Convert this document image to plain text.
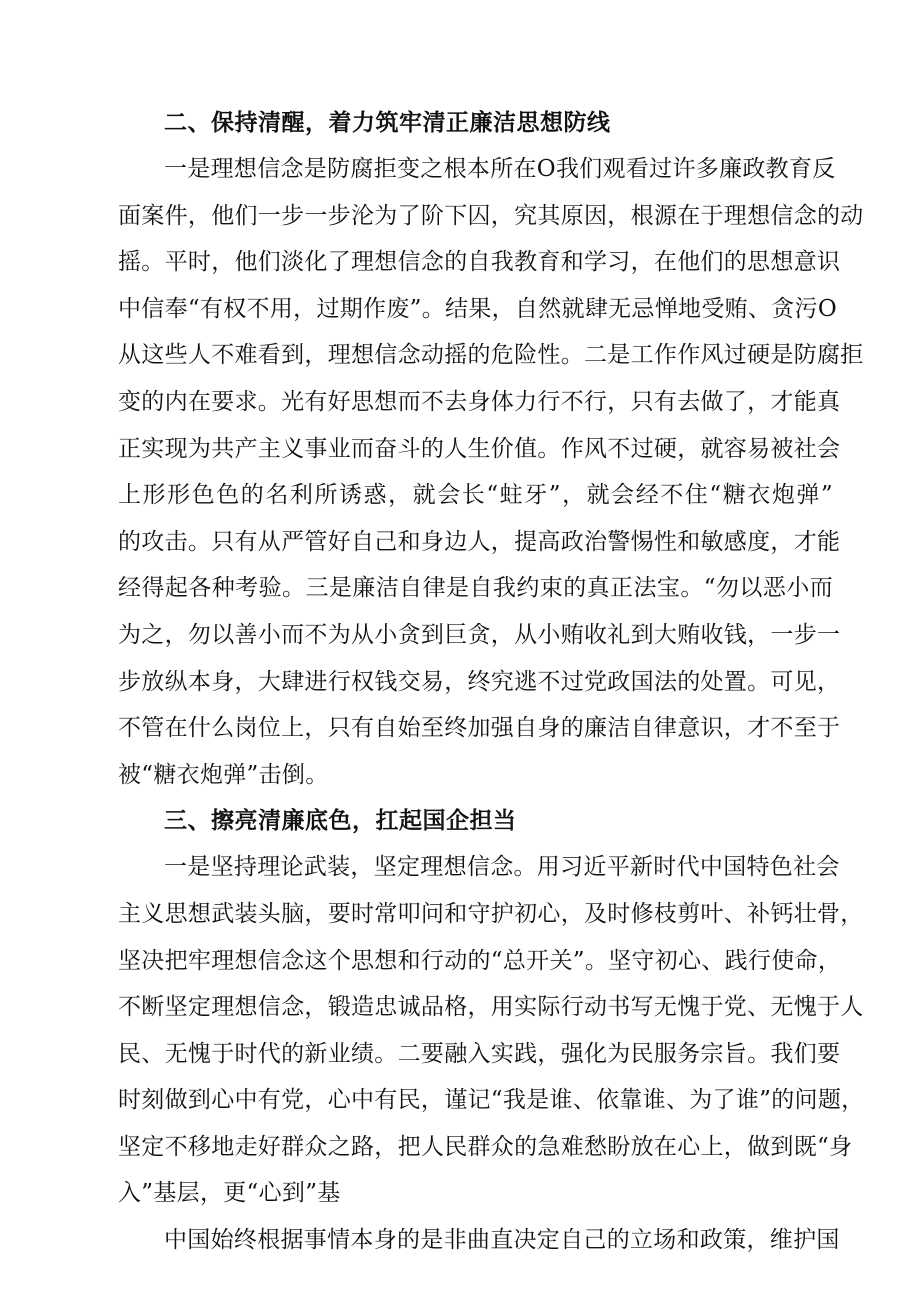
二、保持清醒，着力筑牢清正廉洁思想防线
一是理想信念是防腐拒变之根本所在O我们观看过许多廉政教育反
面案件，他们一步一步沦为了阶下囚，究其原因，根源在于理想信念的动
摇。平时，他们淡化了理想信念的自我教育和学习，在他们的思想意识
中信奉“有权不用，过期作废”。结果，自然就肆无忌惮地受贿、贪污O
从这些人不难看到，理想信念动摇的危险性。二是工作作风过硬是防腐拒
变的内在要求。光有好思想而不去身体力行不行，只有去做了，才能真
正实现为共产主义事业而奋斗的人生价值。作风不过硬，就容易被社会
上形形色色的名利所诱惑，就会长“蛀牙”，就会经不住“糖衣炮弹”
的攻击。只有从严管好自己和身边人，提高政治警惕性和敏感度，才能
经得起各种考验。三是廉洁自律是自我约束的真正法宝。“勿以恶小而
为之，勿以善小而不为从小贪到巨贪，从小贿收礼到大贿收钱，一步一
步放纵本身，大肆进行权钱交易，终究逃不过党政国法的处置。可见，
不管在什么岗位上，只有自始至终加强自身的廉洁自律意识，才不至于
被“糖衣炮弹”击倒。
三、擦亮清廉底色，扛起国企担当
一是坚持理论武装，坚定理想信念。用习近平新时代中国特色社会
主义思想武装头脑，要时常叩问和守护初心，及时修枝剪叶、补钙壮骨，
坚决把牢理想信念这个思想和行动的“总开关”。坚守初心、践行使命，
不断坚定理想信念，锻造忠诚品格，用实际行动书写无愧于党、无愧于人
民、无愧于时代的新业绩。二要融入实践，强化为民服务宗旨。我们要
时刻做到心中有党，心中有民，谨记“我是谁、依靠谁、为了谁”的问题，
坚定不移地走好群众之路，把人民群众的急难愁盼放在心上，做到既“身
入”基层，更“心到”基
中国始终根据事情本身的是非曲直决定自己的立场和政策，维护国
